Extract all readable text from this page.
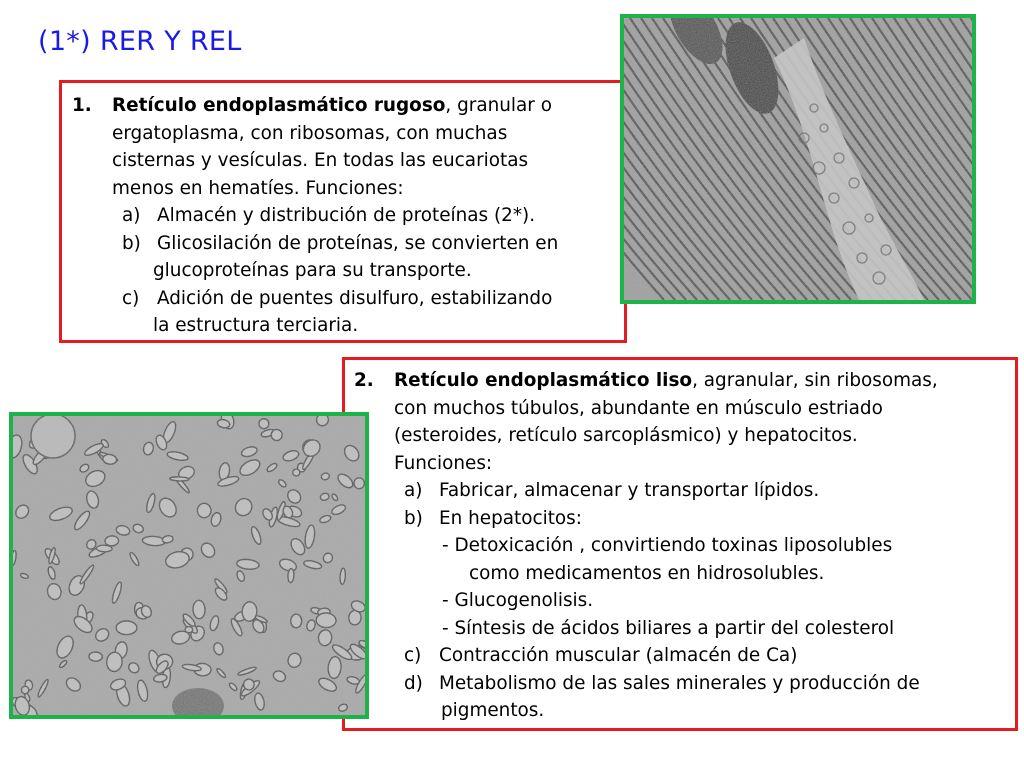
(1*) RER Y REL
1. Retículo endoplasmático rugoso, granular o
ergatoplasma, con ribosomas, con muchas
cisternas y vesículas. En todas las eucariotas
menos en hematíes. Funciones:
a) Almacén y distribución de proteínas (2*).
b) Glicosilación de proteínas, se convierten en
glucoproteínas para su transporte.
c) Adición de puentes disulfuro, estabilizando
la estructura terciaria.
2. Retículo endoplasmático liso, agranular, sin ribosomas,
con muchos túbulos, abundante en músculo estriado
(esteroides, retículo sarcoplásmico) y hepatocitos.
Funciones:
a) Fabricar, almacenar y transportar lípidos.
b) En hepatocitos:
- Detoxicación , convirtiendo toxinas liposolubles
como medicamentos en hidrosolubles.
- Glucogenolisis.
- Síntesis de ácidos biliares a partir del colesterol
c) Contracción muscular (almacén de Ca)
d) Metabolismo de las sales minerales y producción de
pigmentos.
